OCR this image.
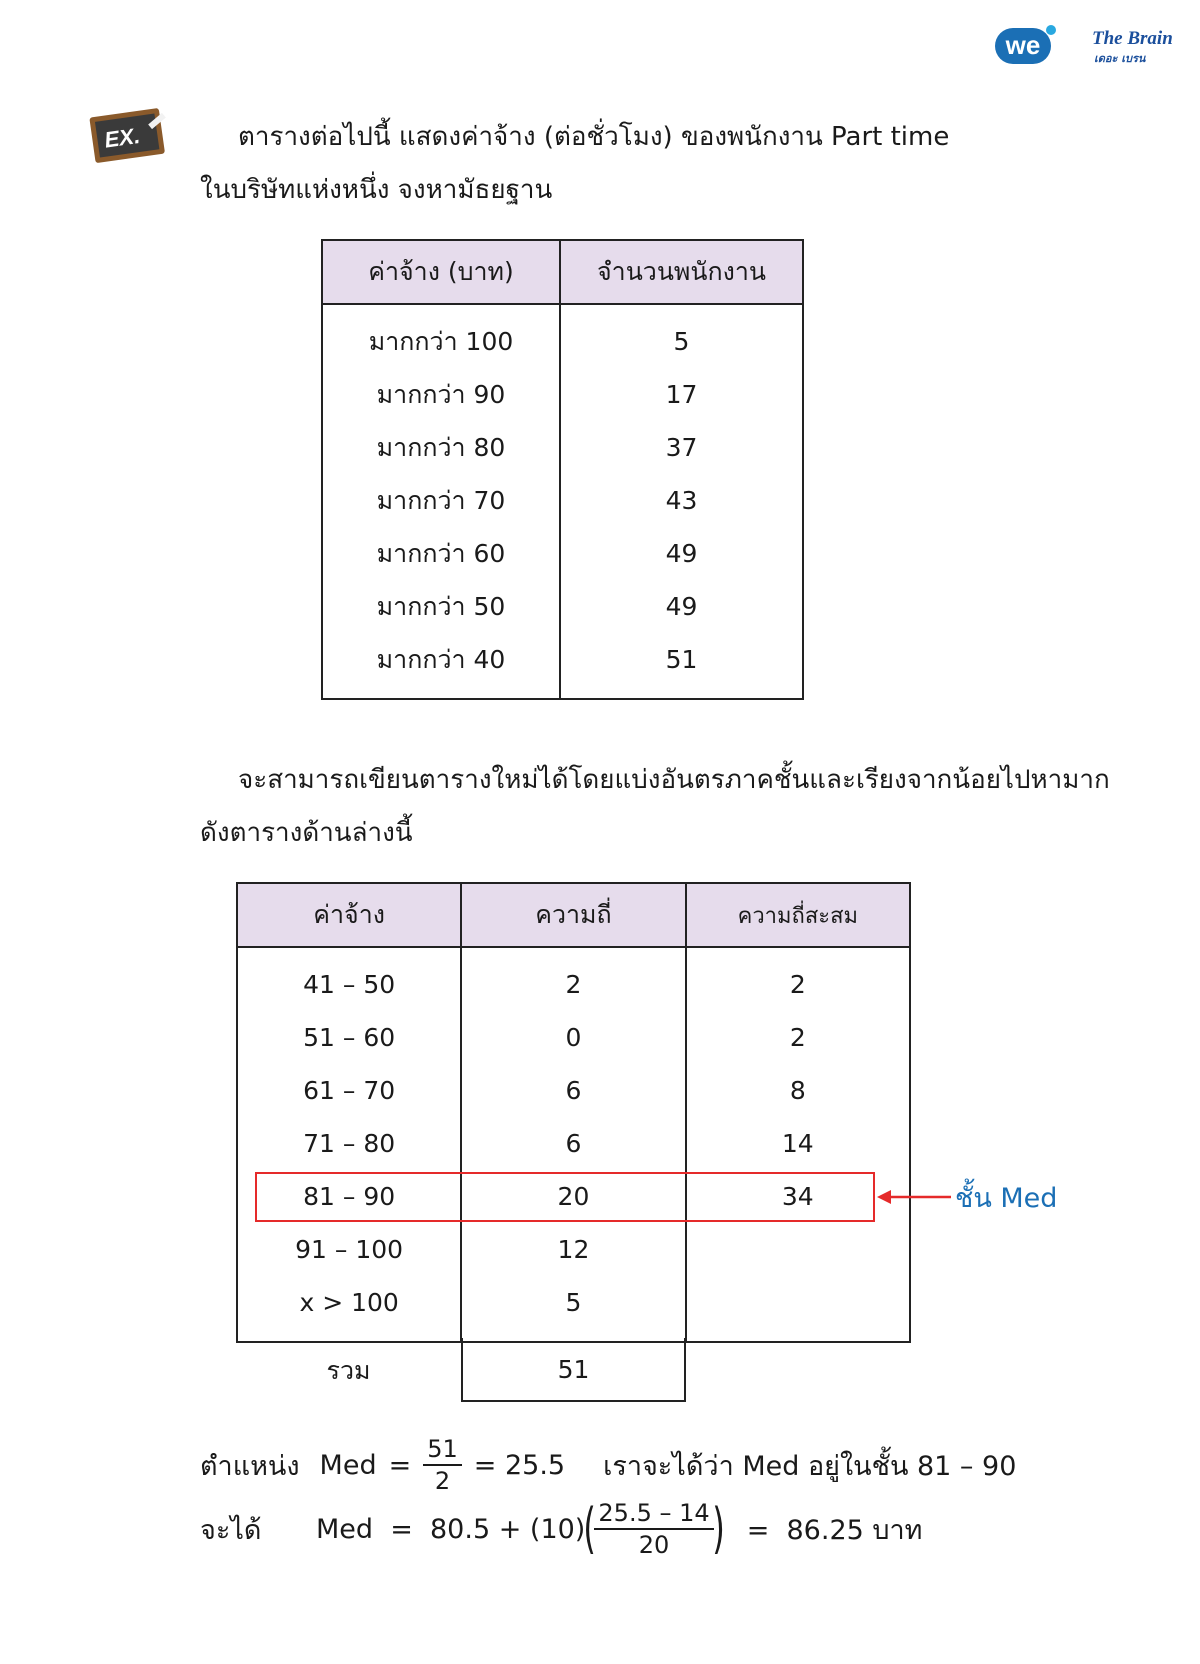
we	The Brain
เดอะ เบรน
EX.	ตารางต่อไปนี้ แสดงค่าจ้าง (ต่อชั่วโมง) ของพนักงาน Part time
ในบริษัทแห่งหนึ่ง จงหามัธยฐาน
ค่าจ้าง (บาท)	จำนวนพนักงาน
มากกว่า 100	5
มากกว่า 90	17
มากกว่า 80	37
มากกว่า 70	43
มากกว่า 60	49
มากกว่า 50	49
มากกว่า 40	51
จะสามารถเขียนตารางใหม่ได้โดยแบ่งอันตรภาคชั้นและเรียงจากน้อยไปหามาก
ดังตารางด้านล่างนี้
ค่าจ้าง	ความถี่	ความถี่สะสม
41 – 50	2	2
51 – 60	0	2
61 – 70	6	8
71 – 80	6	14
81 – 90	20	34
91 – 100	12	
x > 100	5	
รวม	51
ชั้น Med
ตำแหน่ง Med = $\frac{51}{2} = 25.5$ เราจะได้ว่า Med อยู่ในชั้น 81 – 90
จะได้	Med  =  80.5 + (10)
(
$\frac{25.5 - 14}{20}$
) =  86.25 บาท
